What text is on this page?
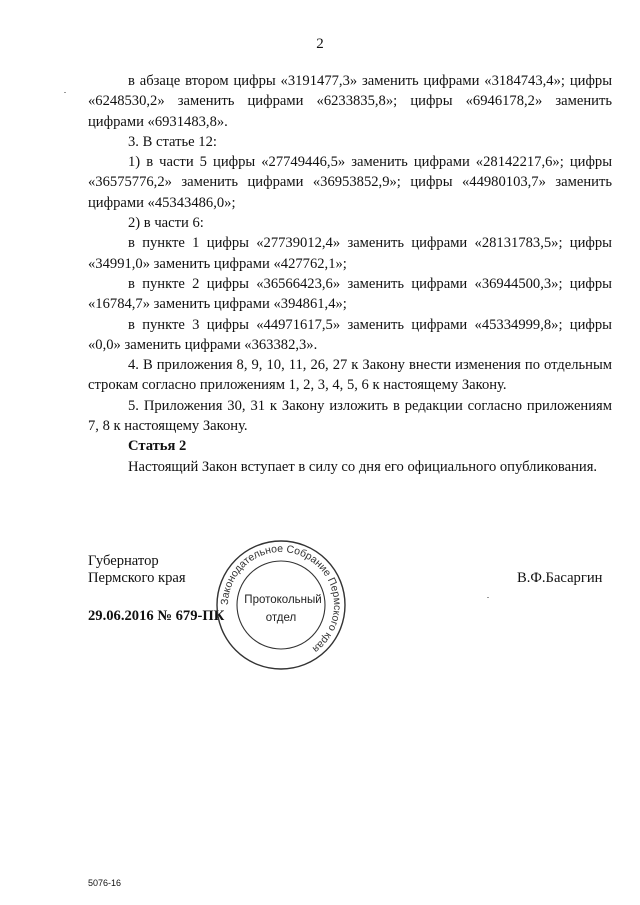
2

в абзаце втором цифры «3191477,3» заменить цифрами «3184743,4»; цифры «6248530,2» заменить цифрами «6233835,8»; цифры «6946178,2» заменить цифрами «6931483,8».

3. В статье 12:

1) в части 5 цифры «27749446,5» заменить цифрами «28142217,6»; цифры «36575776,2» заменить цифрами «36953852,9»; цифры «44980103,7» заменить цифрами «45343486,0»;

2) в части 6:

в пункте 1 цифры «27739012,4» заменить цифрами «28131783,5»; цифры «34991,0» заменить цифрами «427762,1»;

в пункте 2 цифры «36566423,6» заменить цифрами «36944500,3»; цифры «16784,7» заменить цифрами «394861,4»;

в пункте 3 цифры «44971617,5» заменить цифрами «45334999,8»; цифры «0,0» заменить цифрами «363382,3».

4. В приложения 8, 9, 10, 11, 26, 27 к Закону внести изменения по отдельным строкам согласно приложениям 1, 2, 3, 4, 5, 6 к настоящему Закону.

5. Приложения 30, 31 к Закону изложить в редакции согласно приложениям 7, 8 к настоящему Закону.

Статья 2

Настоящий Закон вступает в силу со дня его официального опубликования.

Губернатор
Пермского края	В.Ф.Басаргин
29.06.2016 № 679-ПК
Законодательное Собрание Пермского края
Протокольный
отдел
5076-16
